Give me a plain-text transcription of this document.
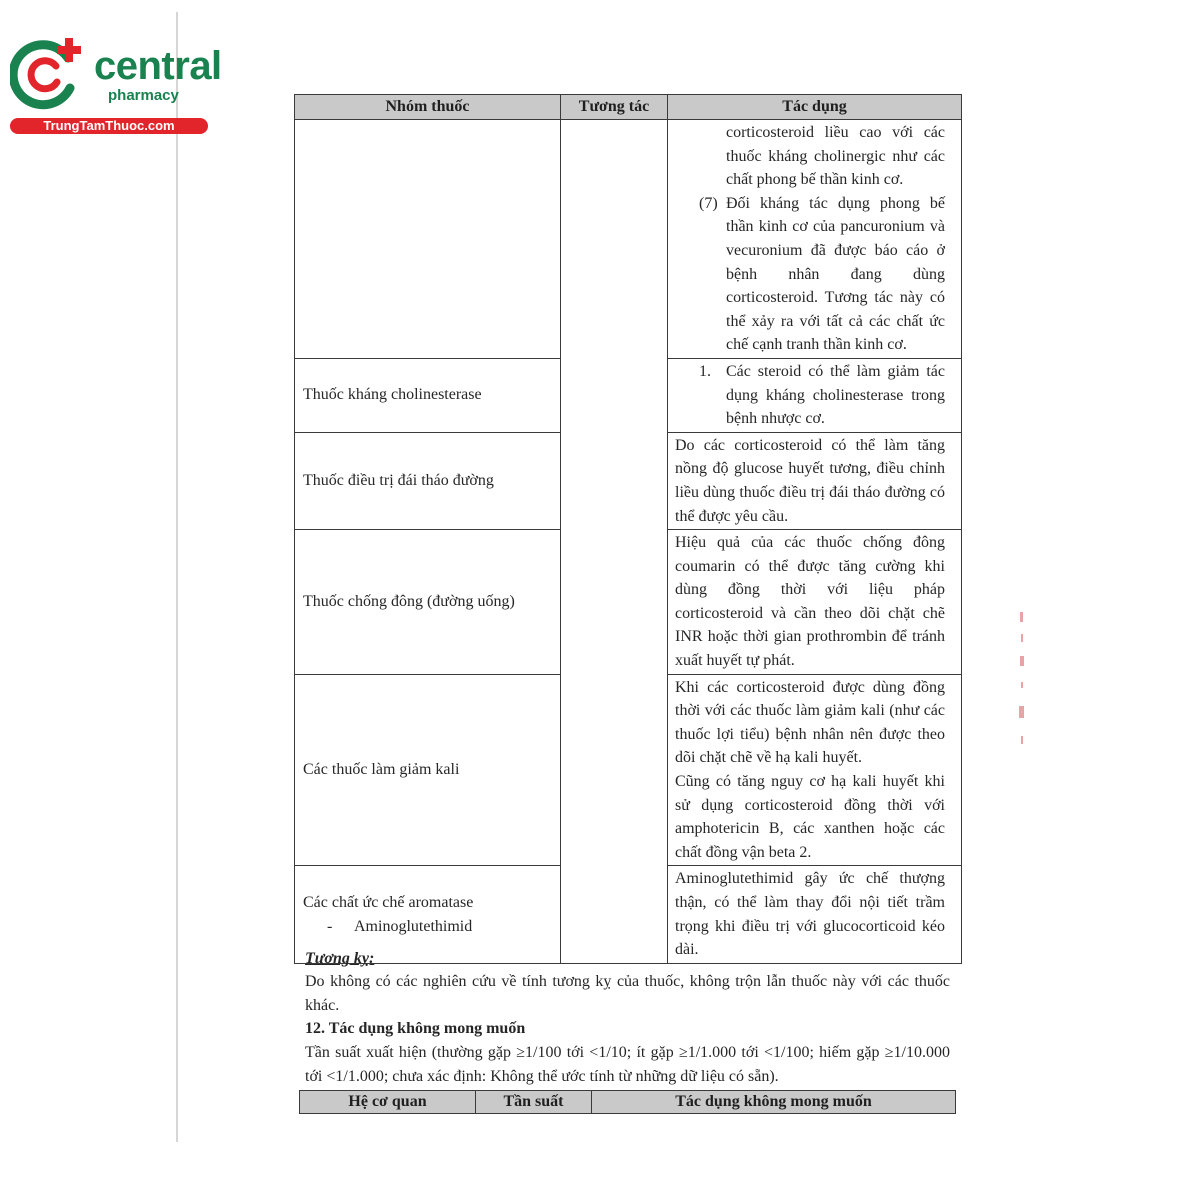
central
pharmacy
TrungTamThuoc.com
Nhóm thuốc	Tương tác	Tác dụng

		corticosteroid liều cao với các thuốc kháng cholinergic như các chất phong bế thần kinh cơ.
(7) Đối kháng tác dụng phong bế thần kinh cơ của pancuronium và vecuronium đã được báo cáo ở bệnh nhân đang dùng corticosteroid. Tương tác này có thể xảy ra với tất cả các chất ức chế cạnh tranh thần kinh cơ.

Thuốc kháng cholinesterase		1. Các steroid có thể làm giảm tác dụng kháng cholinesterase trong bệnh nhược cơ.

Thuốc điều trị đái tháo đường		Do các corticosteroid có thể làm tăng nồng độ glucose huyết tương, điều chỉnh liều dùng thuốc điều trị đái tháo đường có thể được yêu cầu.
Thuốc chống đông (đường uống)		Hiệu quả của các thuốc chống đông coumarin có thể được tăng cường khi dùng đồng thời với liệu pháp corticosteroid và cần theo dõi chặt chẽ INR hoặc thời gian prothrombin để tránh xuất huyết tự phát.
Các thuốc làm giảm kali		Khi các corticosteroid được dùng đồng thời với các thuốc làm giảm kali (như các thuốc lợi tiểu) bệnh nhân nên được theo dõi chặt chẽ về hạ kali huyết.
Cũng có tăng nguy cơ hạ kali huyết khi sử dụng corticosteroid đồng thời với amphotericin B, các xanthen hoặc các chất đồng vận beta 2.

Các chất ức chế aromatase
- Aminoglutethimid		Aminoglutethimid gây ức chế thượng thận, có thể làm thay đổi nội tiết trầm trọng khi điều trị với glucocorticoid kéo dài.
Tương kỵ:
Do không có các nghiên cứu về tính tương kỵ của thuốc, không trộn lẫn thuốc này với các thuốc khác.
12. Tác dụng không mong muốn
Tần suất xuất hiện (thường gặp ≥1/100 tới <1/10; ít gặp ≥1/1.000 tới <1/100; hiếm gặp ≥1/10.000 tới <1/1.000; chưa xác định: Không thể ước tính từ những dữ liệu có sẵn).
Hệ cơ quan	Tần suất	Tác dụng không mong muốn
